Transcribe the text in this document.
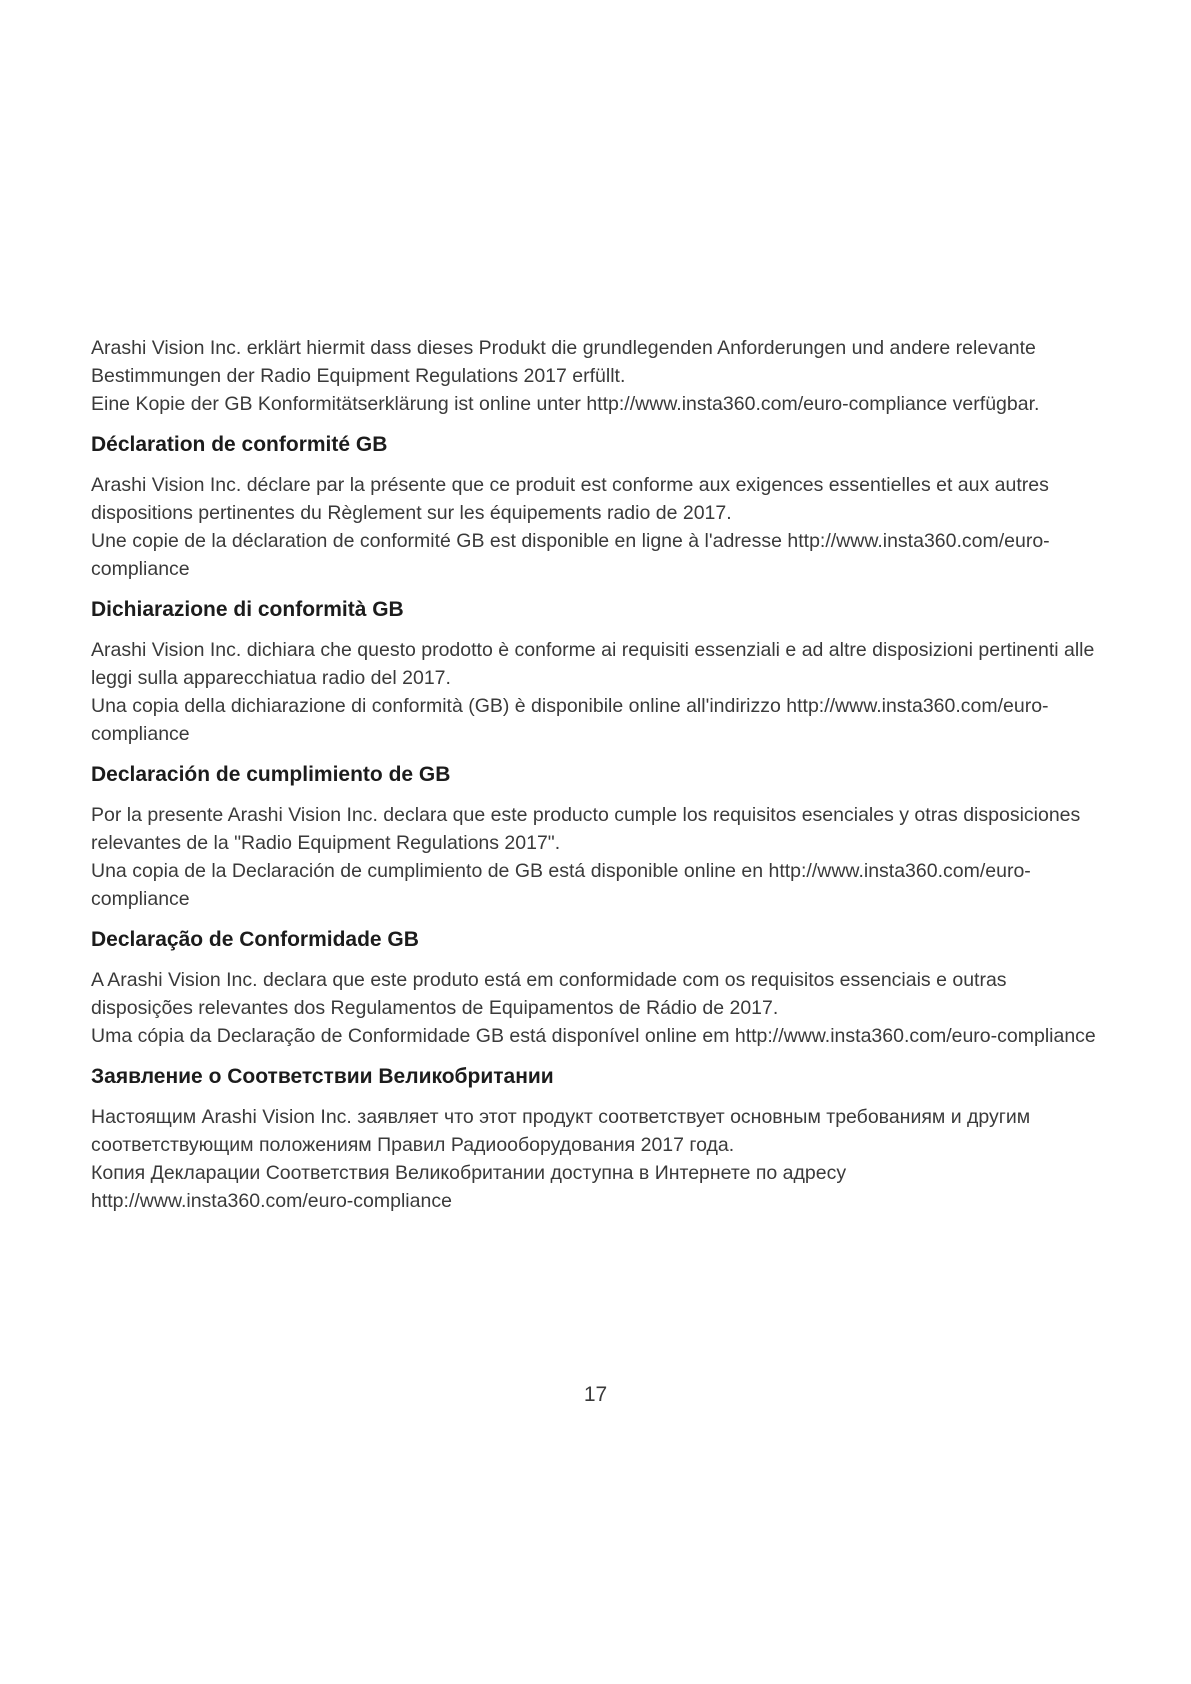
Arashi Vision Inc. erklärt hiermit dass dieses Produkt die grundlegenden Anforderungen und andere relevante Bestimmungen der Radio Equipment Regulations 2017 erfüllt.

Eine Kopie der GB Konformitätserklärung ist online unter http://www.insta360.com/euro-compliance verfügbar.

Déclaration de conformité GB

Arashi Vision Inc. déclare par la présente que ce produit est conforme aux exigences essentielles et aux autres dispositions pertinentes du Règlement sur les équipements radio de 2017.

Une copie de la déclaration de conformité GB est disponible en ligne à l'adresse http://www.insta360.com/euro-compliance

Dichiarazione di conformità GB

Arashi Vision Inc. dichiara che questo prodotto è conforme ai requisiti essenziali e ad altre disposizioni pertinenti alle leggi sulla apparecchiatua radio del 2017.

Una copia della dichiarazione di conformità (GB) è disponibile online all'indirizzo http://www.insta360.com/euro-compliance

Declaración de cumplimiento de GB

Por la presente Arashi Vision Inc. declara que este producto cumple los requisitos esenciales y otras disposiciones relevantes de la "Radio Equipment Regulations 2017".

Una copia de la Declaración de cumplimiento de GB está disponible online en http://www.insta360.com/euro-compliance

Declaração de Conformidade GB

A Arashi Vision Inc. declara que este produto está em conformidade com os requisitos essenciais e outras disposições relevantes dos Regulamentos de Equipamentos de Rádio de 2017.

Uma cópia da Declaração de Conformidade GB está disponível online em http://www.insta360.com/euro-compliance

Заявление о Соответствии Великобритании

Настоящим Arashi Vision Inc. заявляет что этот продукт соответствует основным требованиям и другим соответствующим положениям Правил Радиооборудования 2017 года.

Копия Декларации Соответствия Великобритании доступна в Интернете по адресу http://www.insta360.com/euro-compliance

17
